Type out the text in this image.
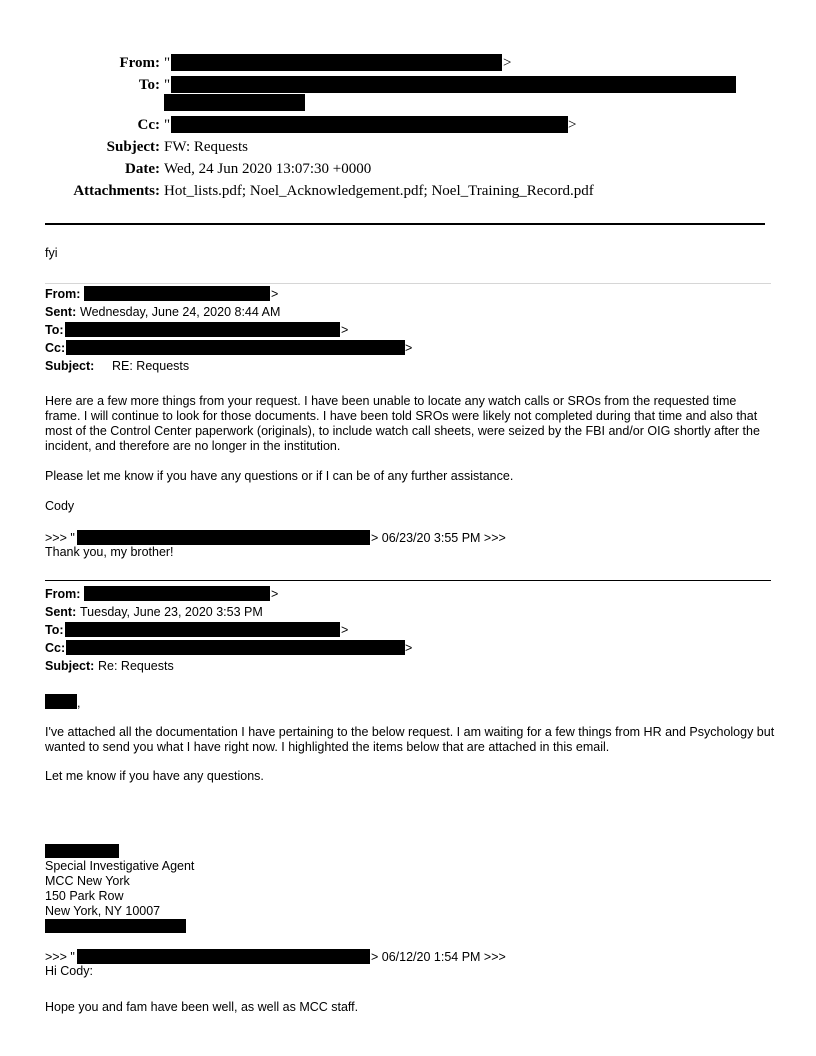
From: "	>
To: "
Cc: "	>
Subject: FW: Requests
Date: Wed, 24 Jun 2020 13:07:30 +0000
Attachments: Hot_lists.pdf; Noel_Acknowledgement.pdf; Noel_Training_Record.pdf
fyi
From:	>
Sent: Wednesday, June 24, 2020 8:44 AM
To:	>
Cc:	>
Subject: RE: Requests
Here are a few more things from your request. I have been unable to locate any watch calls or SROs from the requested time frame. I will continue to look for those documents. I have been told SROs were likely not completed during that time and also that most of the Control Center paperwork (originals), to include watch call sheets, were seized by the FBI and/or OIG shortly after the incident, and therefore are no longer in the institution.
Please let me know if you have any questions or if I can be of any further assistance.
Cody
>>> "	> 06/23/20 3:55 PM >>>
Thank you, my brother!
From:	>
Sent: Tuesday, June 23, 2020 3:53 PM
To:	>
Cc:	>
Subject: Re: Requests
,
I've attached all the documentation I have pertaining to the below request. I am waiting for a few things from HR and Psychology but wanted to send you what I have right now. I highlighted the items below that are attached in this email.
Let me know if you have any questions.
Special Investigative Agent
MCC New York
150 Park Row
New York, NY 10007
>>> "	> 06/12/20 1:54 PM >>>
Hi Cody:
Hope you and fam have been well, as well as MCC staff.
